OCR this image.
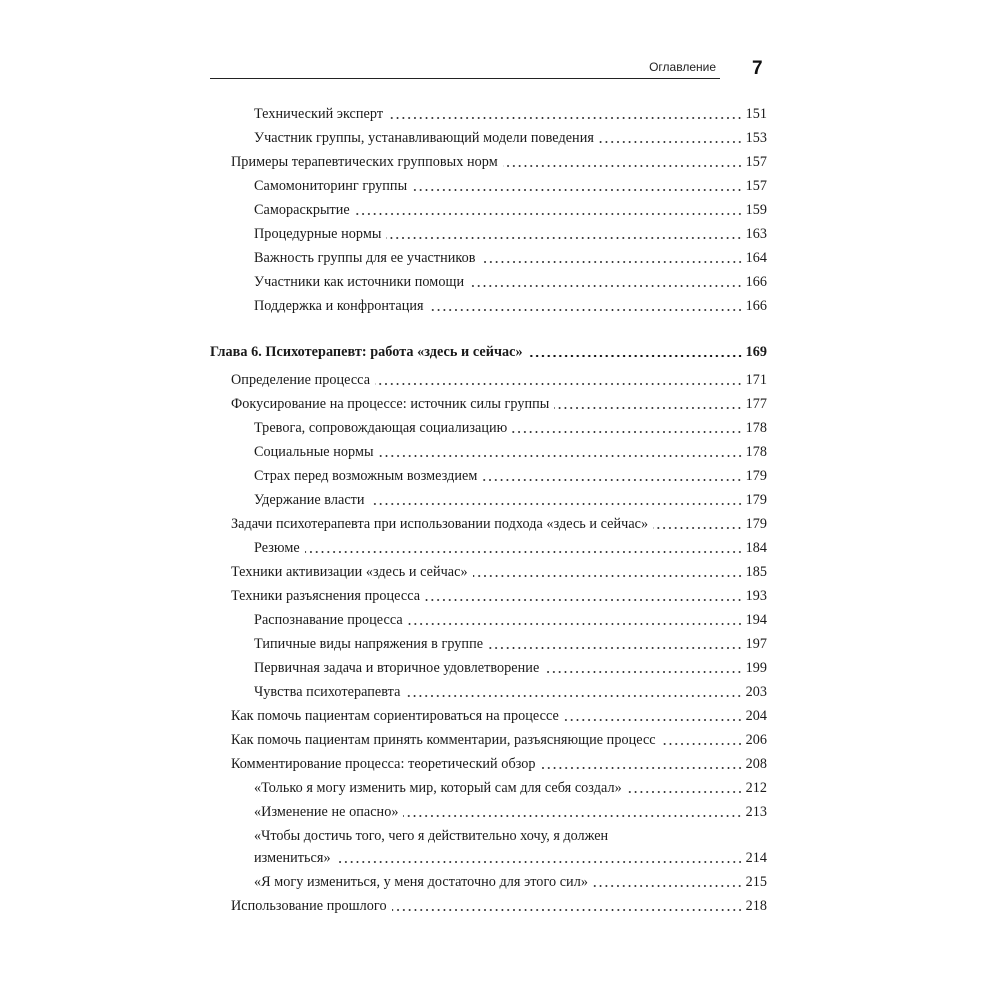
Оглавление 7
Технический эксперт	151
Участник группы, устанавливающий модели поведения	153
Примеры терапевтических групповых норм	157
Самомониторинг группы	157
Самораскрытие	159
Процедурные нормы	163
Важность группы для ее участников	164
Участники как источники помощи	166
Поддержка и конфронтация	166
Глава 6. Психотерапевт: работа «здесь и сейчас»	169
Определение процесса	171
Фокусирование на процессе: источник силы группы	177
Тревога, сопровождающая социализацию	178
Социальные нормы	178
Страх перед возможным возмездием	179
Удержание власти	179
Задачи психотерапевта при использовании подхода «здесь и сейчас»	179
Резюме	184
Техники активизации «здесь и сейчас»	185
Техники разъяснения процесса	193
Распознавание процесса	194
Типичные виды напряжения в группе	197
Первичная задача и вторичное удовлетворение	199
Чувства психотерапевта	203
Как помочь пациентам сориентироваться на процессе	204
Как помочь пациентам принять комментарии, разъясняющие процесс	206
Комментирование процесса: теоретический обзор	208
«Только я могу изменить мир, который сам для себя создал»	212
«Изменение не опасно»	213
«Чтобы достичь того, чего я действительно хочу, я должен
измениться»	214
«Я могу измениться, у меня достаточно для этого сил»	215
Использование прошлого	218
